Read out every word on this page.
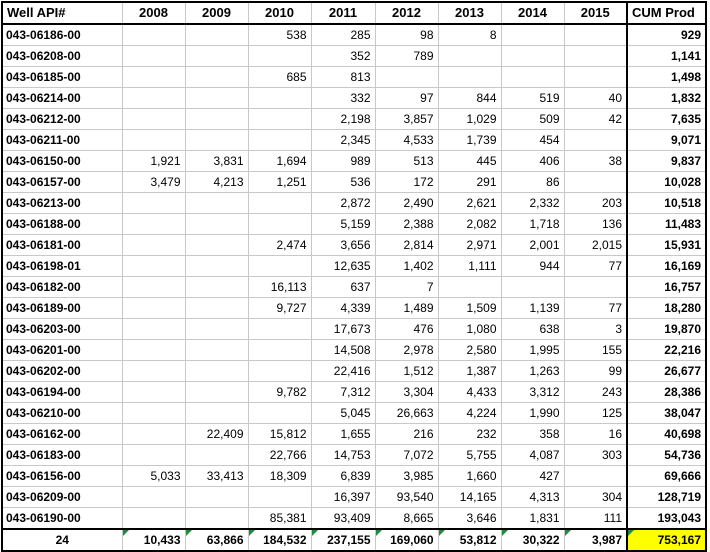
Well API#	2008	2009	2010	2011	2012	2013	2014	2015	CUM Prod
043-06186-00			538	285	98	8			929
043-06208-00				352	789				1,141
043-06185-00			685	813					1,498
043-06214-00				332	97	844	519	40	1,832
043-06212-00				2,198	3,857	1,029	509	42	7,635
043-06211-00				2,345	4,533	1,739	454		9,071
043-06150-00	1,921	3,831	1,694	989	513	445	406	38	9,837
043-06157-00	3,479	4,213	1,251	536	172	291	86		10,028
043-06213-00				2,872	2,490	2,621	2,332	203	10,518
043-06188-00				5,159	2,388	2,082	1,718	136	11,483
043-06181-00			2,474	3,656	2,814	2,971	2,001	2,015	15,931
043-06198-01				12,635	1,402	1,111	944	77	16,169
043-06182-00			16,113	637	7				16,757
043-06189-00			9,727	4,339	1,489	1,509	1,139	77	18,280
043-06203-00				17,673	476	1,080	638	3	19,870
043-06201-00				14,508	2,978	2,580	1,995	155	22,216
043-06202-00				22,416	1,512	1,387	1,263	99	26,677
043-06194-00			9,782	7,312	3,304	4,433	3,312	243	28,386
043-06210-00				5,045	26,663	4,224	1,990	125	38,047
043-06162-00		22,409	15,812	1,655	216	232	358	16	40,698
043-06183-00			22,766	14,753	7,072	5,755	4,087	303	54,736
043-06156-00	5,033	33,413	18,309	6,839	3,985	1,660	427		69,666
043-06209-00				16,397	93,540	14,165	4,313	304	128,719
043-06190-00			85,381	93,409	8,665	3,646	1,831	111	193,043
24	10,433	63,866	184,532	237,155	169,060	53,812	30,322	3,987	753,167
